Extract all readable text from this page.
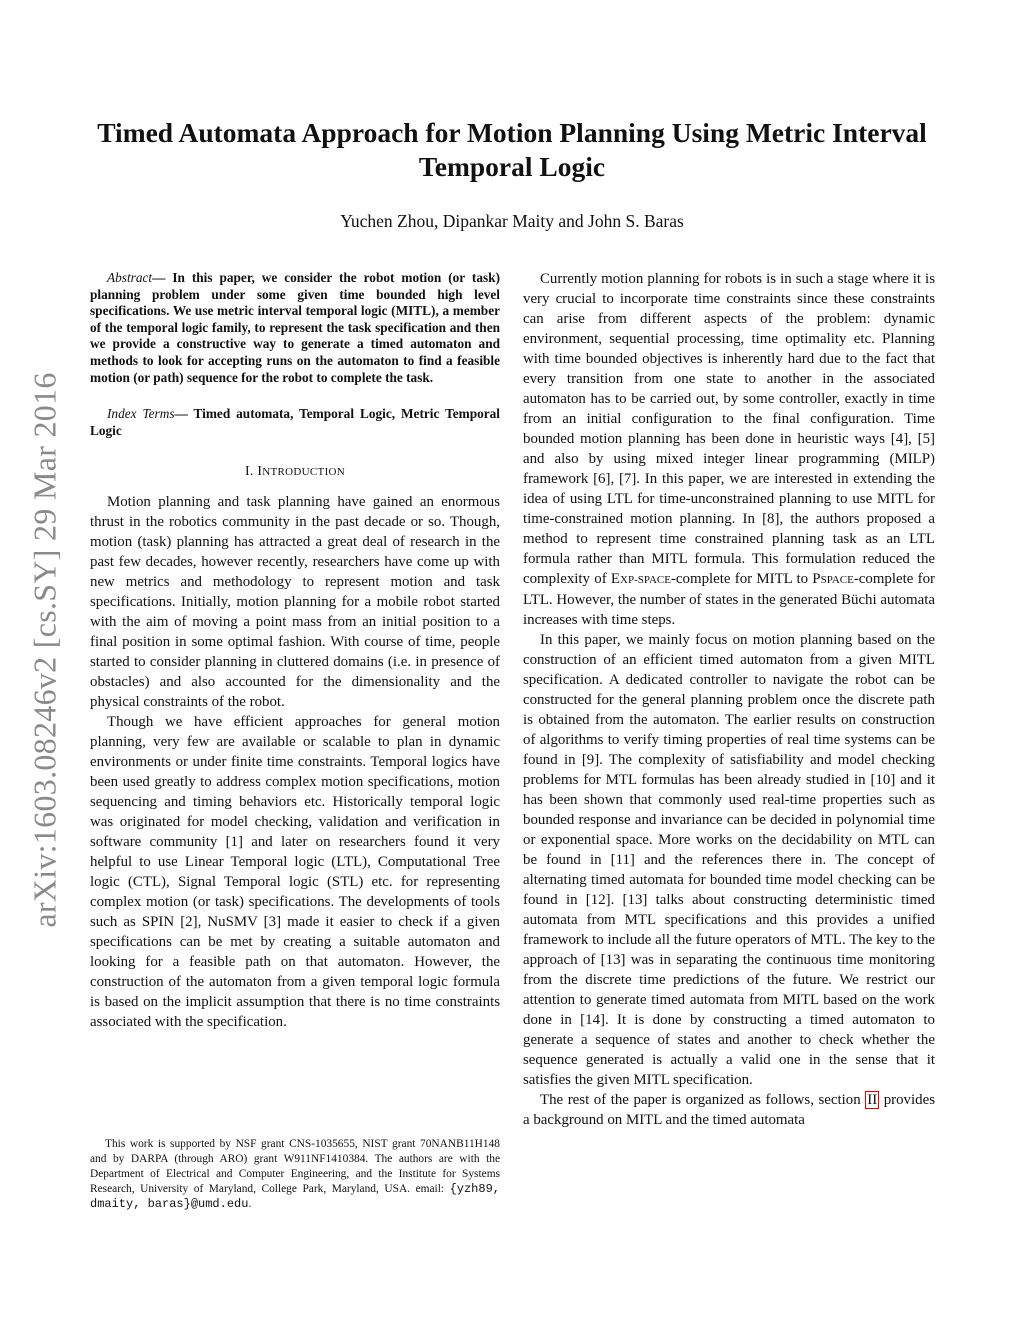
arXiv:1603.08246v2 [cs.SY] 29 Mar 2016
Timed Automata Approach for Motion Planning Using Metric Interval Temporal Logic
Yuchen Zhou, Dipankar Maity and John S. Baras

Abstract— In this paper, we consider the robot motion (or task) planning problem under some given time bounded high level specifications. We use metric interval temporal logic (MITL), a member of the temporal logic family, to represent the task specification and then we provide a constructive way to generate a timed automaton and methods to look for accepting runs on the automaton to find a feasible motion (or path) sequence for the robot to complete the task.

Index Terms— Timed automata, Temporal Logic, Metric Temporal Logic

I. INTRODUCTION

Motion planning and task planning have gained an enormous thrust in the robotics community in the past decade or so. Though, motion (task) planning has attracted a great deal of research in the past few decades, however recently, researchers have come up with new metrics and methodology to represent motion and task specifications. Initially, motion planning for a mobile robot started with the aim of moving a point mass from an initial position to a final position in some optimal fashion. With course of time, people started to consider planning in cluttered domains (i.e. in presence of obstacles) and also accounted for the dimensionality and the physical constraints of the robot.

Though we have efficient approaches for general motion planning, very few are available or scalable to plan in dynamic environments or under finite time constraints. Temporal logics have been used greatly to address complex motion specifications, motion sequencing and timing behaviors etc. Historically temporal logic was originated for model checking, validation and verification in software community [1] and later on researchers found it very helpful to use Linear Temporal logic (LTL), Computational Tree logic (CTL), Signal Temporal logic (STL) etc. for representing complex motion (or task) specifications. The developments of tools such as SPIN [2], NuSMV [3] made it easier to check if a given specifications can be met by creating a suitable automaton and looking for a feasible path on that automaton. However, the construction of the automaton from a given temporal logic formula is based on the implicit assumption that there is no time constraints associated with the specification.

This work is supported by NSF grant CNS-1035655, NIST grant 70NANB11H148 and by DARPA (through ARO) grant W911NF1410384. The authors are with the Department of Electrical and Computer Engineering, and the Institute for Systems Research, University of Maryland, College Park, Maryland, USA. email: {yzh89, dmaity, baras}@umd.edu.

Currently motion planning for robots is in such a stage where it is very crucial to incorporate time constraints since these constraints can arise from different aspects of the problem: dynamic environment, sequential processing, time optimality etc. Planning with time bounded objectives is inherently hard due to the fact that every transition from one state to another in the associated automaton has to be carried out, by some controller, exactly in time from an initial configuration to the final configuration. Time bounded motion planning has been done in heuristic ways [4], [5] and also by using mixed integer linear programming (MILP) framework [6], [7]. In this paper, we are interested in extending the idea of using LTL for time-unconstrained planning to use MITL for time-constrained motion planning. In [8], the authors proposed a method to represent time constrained planning task as an LTL formula rather than MITL formula. This formulation reduced the complexity of EXP-SPACE-complete for MITL to PSPACE-complete for LTL. However, the number of states in the generated Büchi automata increases with time steps.

In this paper, we mainly focus on motion planning based on the construction of an efficient timed automaton from a given MITL specification. A dedicated controller to navigate the robot can be constructed for the general planning problem once the discrete path is obtained from the automaton. The earlier results on construction of algorithms to verify timing properties of real time systems can be found in [9]. The complexity of satisfiability and model checking problems for MTL formulas has been already studied in [10] and it has been shown that commonly used real-time properties such as bounded response and invariance can be decided in polynomial time or exponential space. More works on the decidability on MTL can be found in [11] and the references there in. The concept of alternating timed automata for bounded time model checking can be found in [12]. [13] talks about constructing deterministic timed automata from MTL specifications and this provides a unified framework to include all the future operators of MTL. The key to the approach of [13] was in separating the continuous time monitoring from the discrete time predictions of the future. We restrict our attention to generate timed automata from MITL based on the work done in [14]. It is done by constructing a timed automaton to generate a sequence of states and another to check whether the sequence generated is actually a valid one in the sense that it satisfies the given MITL specification.

The rest of the paper is organized as follows, section II provides a background on MITL and the timed automata
